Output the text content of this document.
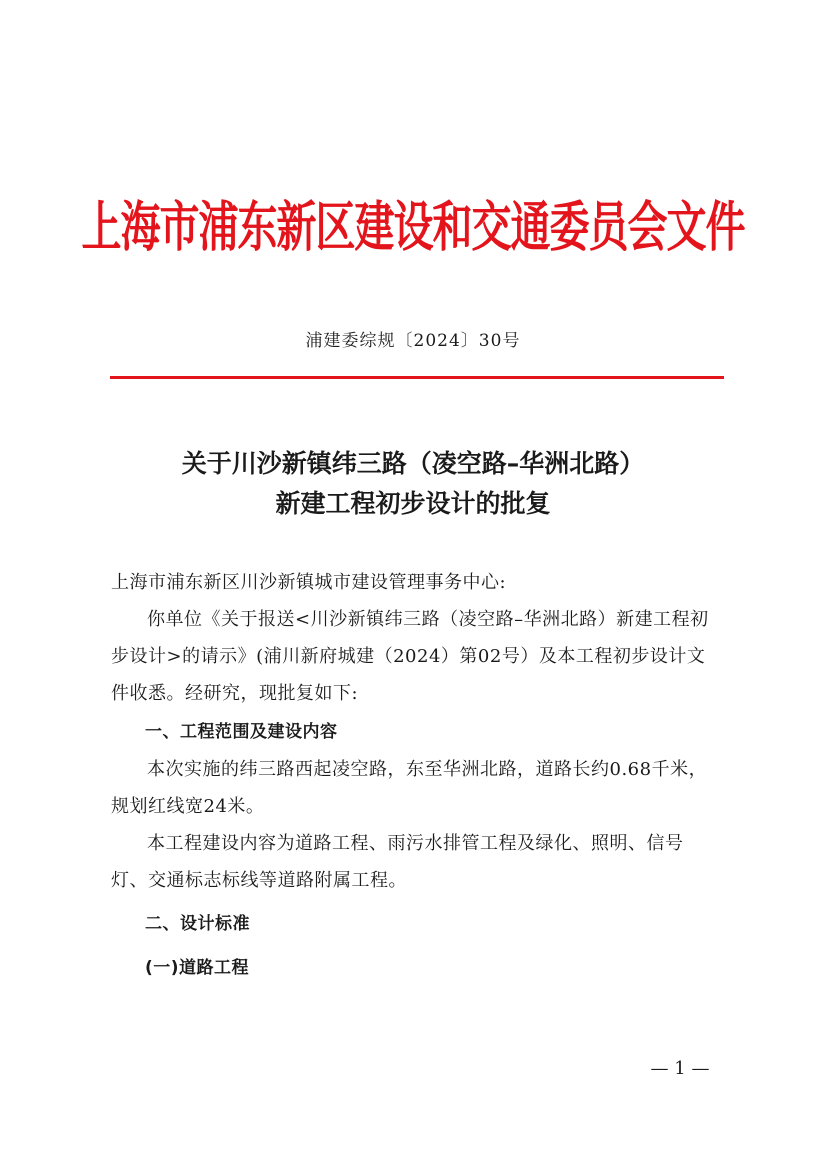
上海市浦东新区建设和交通委员会文件
浦建委综规〔2024〕30号
关于川沙新镇纬三路（凌空路–华洲北路）
新建工程初步设计的批复

上海市浦东新区川沙新镇城市建设管理事务中心:

你单位《关于报送<川沙新镇纬三路（凌空路–华洲北路）新建工程初步设计>的请示》(浦川新府城建（2024）第02号）及本工程初步设计文件收悉。经研究，现批复如下:

一、工程范围及建设内容

本次实施的纬三路西起凌空路，东至华洲北路，道路长约0.68千米，规划红线宽24米。

本工程建设内容为道路工程、雨污水排管工程及绿化、照明、信号灯、交通标志标线等道路附属工程。

二、设计标准

(一)道路工程

— 1 —
